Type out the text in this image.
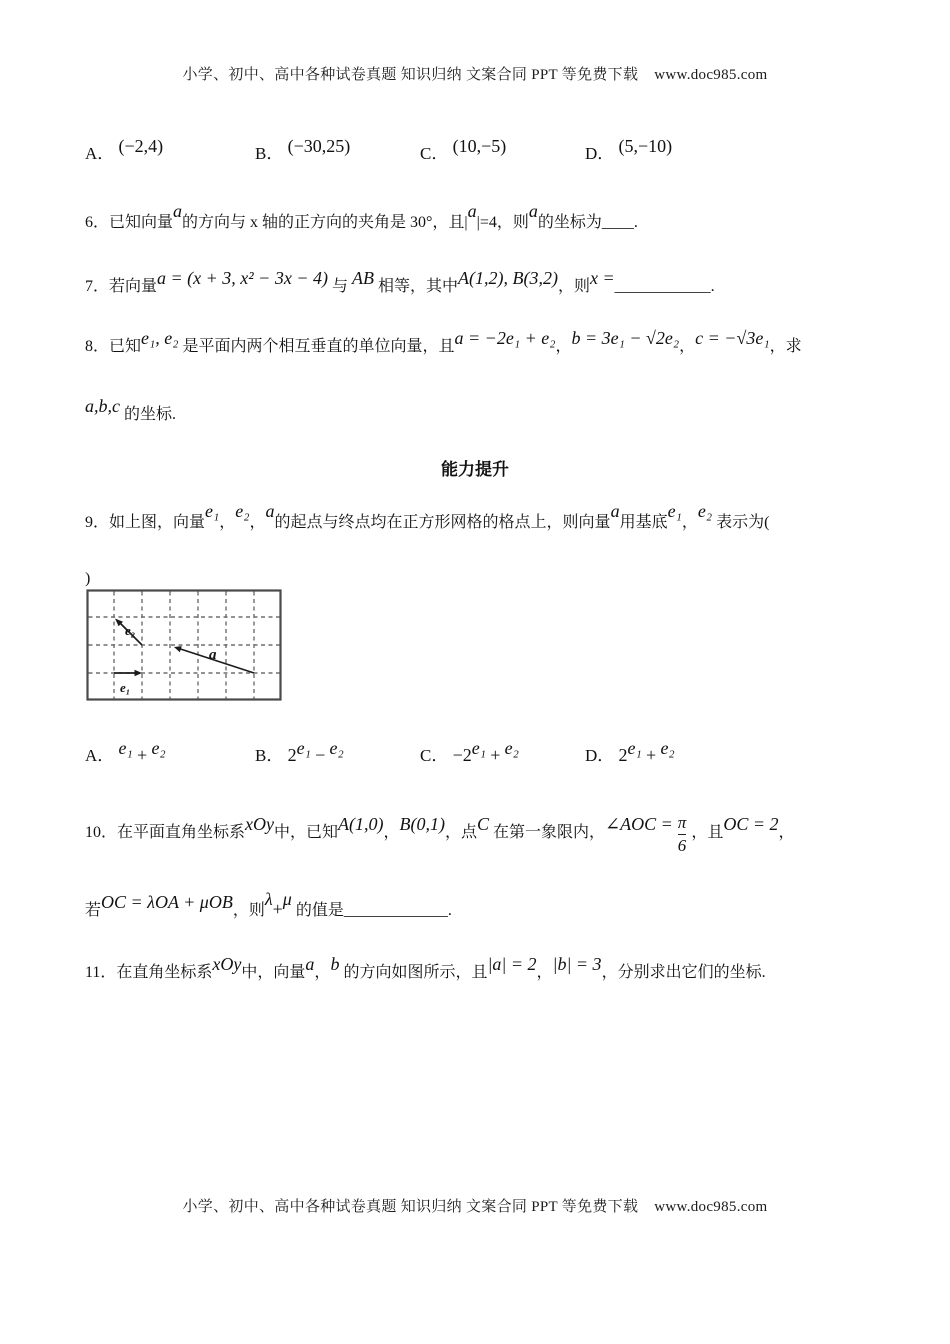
小学、初中、高中各种试卷真题 知识归纳 文案合同 PPT 等免费下载 www.doc985.com
A． (−2,4)	B． (−30,25)	C． (10,−5)	D． (5,−10)
6．已知向量a的方向与 x 轴的正方向的夹角是 30°，且|a|=4，则a的坐标为____.
7．若向量a = (x + 3, x² − 3x − 4) 与 AB 相等，其中A(1,2), B(3,2)，则x =____________.
8．已知e₁, e₂ 是平面内两个相互垂直的单位向量，且a = −2e₁ + e₂，b = 3e₁ − √2e₂，c = −√3e₁，求
a,b,c 的坐标.
能力提升
9．如上图，向量e₁，e₂，a的起点与终点均在正方形网格的格点上，则向量a用基底e₁，e₂ 表示为(
)
e₂
e₁
a
A． e₁ + e₂	B． 2e₁ − e₂	C． −2e₁ + e₂	D． 2e₁ + e₂
10．在平面直角坐标系xOy中，已知A(1,0)，B(0,1)，点C 在第一象限内，∠AOC = $\frac{\pi}{6}$ ，且OC = 2，
若OC = λOA + μOB，则λ+μ 的值是_____________.
11．在直角坐标系xOy中，向量a，b 的方向如图所示，且|a| = 2，|b| = 3，分别求出它们的坐标.
小学、初中、高中各种试卷真题 知识归纳 文案合同 PPT 等免费下载 www.doc985.com
